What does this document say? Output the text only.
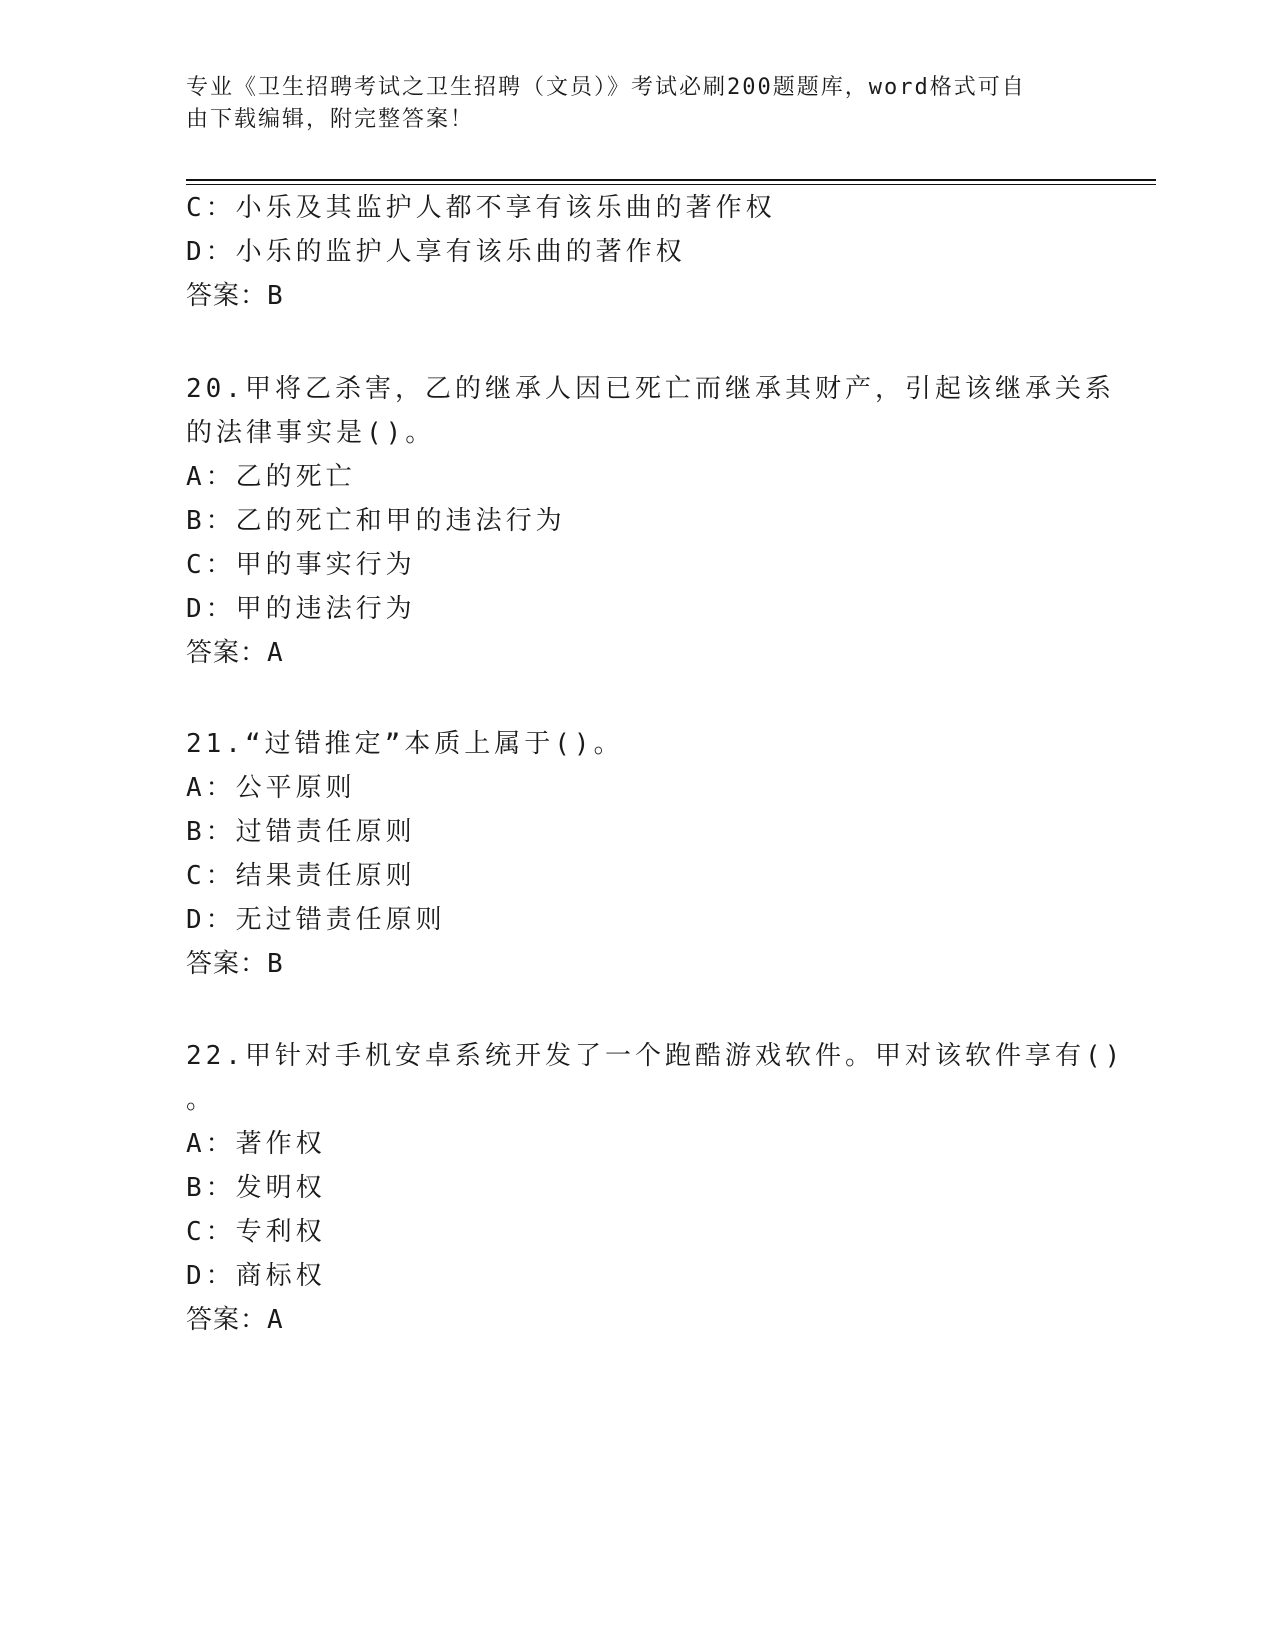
专业《卫生招聘考试之卫生招聘（文员）》考试必刷200题题库，word格式可自
由下载编辑，附完整答案！
C：小乐及其监护人都不享有该乐曲的著作权
D：小乐的监护人享有该乐曲的著作权
答案：B
20.甲将乙杀害，乙的继承人因已死亡而继承其财产，引起该继承关系
的法律事实是()。
A：乙的死亡
B：乙的死亡和甲的违法行为
C：甲的事实行为
D：甲的违法行为
答案：A
21.“过错推定”本质上属于()。
A：公平原则
B：过错责任原则
C：结果责任原则
D：无过错责任原则
答案：B
22.甲针对手机安卓系统开发了一个跑酷游戏软件。甲对该软件享有()
。
A：著作权
B：发明权
C：专利权
D：商标权
答案：A
